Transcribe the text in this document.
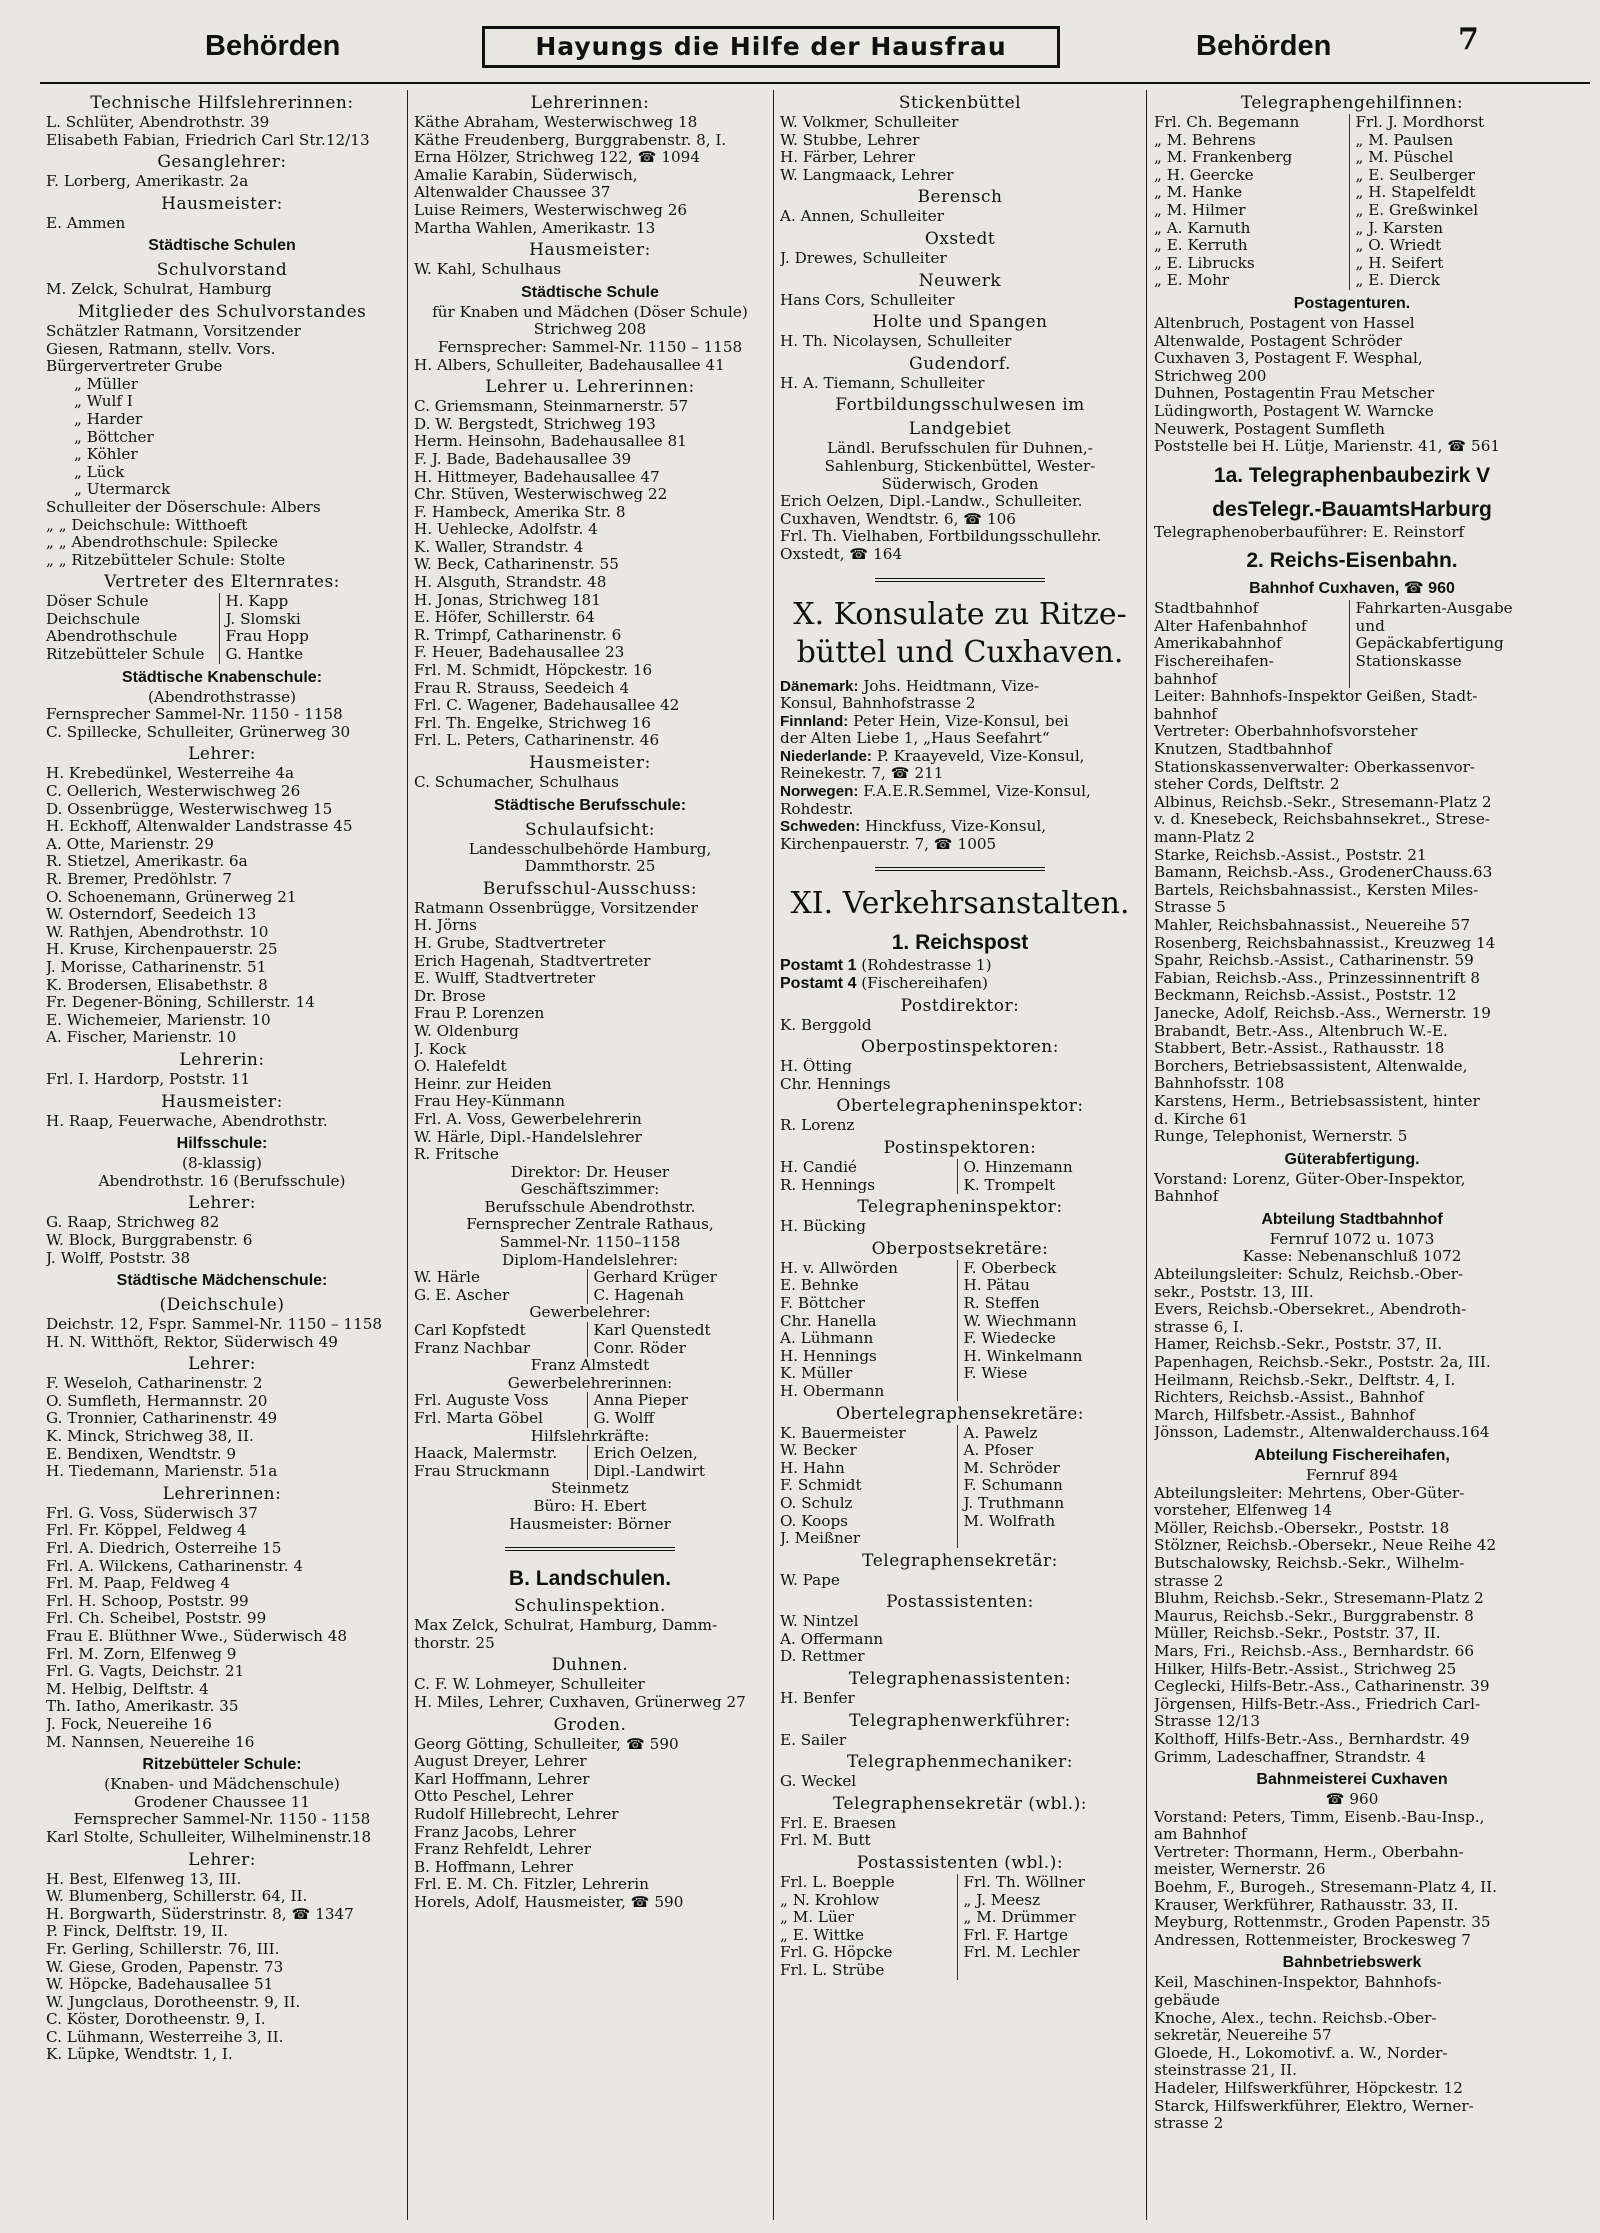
Behörden	Hayungs die Hilfe der Hausfrau	Behörden	7
Technische Hilfslehrerinnen:
L. Schlüter, Abendrothstr. 39
Elisabeth Fabian, Friedrich Carl Str.12/13
Gesanglehrer:
F. Lorberg, Amerikastr. 2a
Hausmeister:
E. Ammen
Städtische Schulen
Schulvorstand
M. Zelck, Schulrat, Hamburg
Mitglieder des Schulvorstandes
Schätzler Ratmann, Vorsitzender
Giesen, Ratmann, stellv. Vors.
Bürgervertreter Grube
„ Müller
„ Wulf I
„ Harder
„ Böttcher
„ Köhler
„ Lück
„ Utermarck
Schulleiter der Döserschule: Albers
„ „ Deichschule: Witthoeft
„ „ Abendrothschule: Spilecke
„ „ Ritzebütteler Schule: Stolte
Vertreter des Elternrates:
Döser Schule	H. Kapp
Deichschule	J. Slomski
Abendrothschule	Frau Hopp
Ritzebütteler Schule	G. Hantke
Städtische Knabenschule:
(Abendrothstrasse)
Fernsprecher Sammel-Nr. 1150 - 1158
C. Spillecke, Schulleiter, Grünerweg 30
Lehrer:
H. Krebedünkel, Westerreihe 4a
C. Oellerich, Westerwischweg 26
D. Ossenbrügge, Westerwischweg 15
H. Eckhoff, Altenwalder Landstrasse 45
A. Otte, Marienstr. 29
R. Stietzel, Amerikastr. 6a
R. Bremer, Predöhlstr. 7
O. Schoenemann, Grünerweg 21
W. Osterndorf, Seedeich 13
W. Rathjen, Abendrothstr. 10
H. Kruse, Kirchenpauerstr. 25
J. Morisse, Catharinenstr. 51
K. Brodersen, Elisabethstr. 8
Fr. Degener-Böning, Schillerstr. 14
E. Wichemeier, Marienstr. 10
A. Fischer, Marienstr. 10
Lehrerin:
Frl. I. Hardorp, Poststr. 11
Hausmeister:
H. Raap, Feuerwache, Abendrothstr.
Hilfsschule:
(8-klassig)
Abendrothstr. 16 (Berufsschule)
Lehrer:
G. Raap, Strichweg 82
W. Block, Burggrabenstr. 6
J. Wolff, Poststr. 38
Städtische Mädchenschule:
(Deichschule)
Deichstr. 12, Fspr. Sammel-Nr. 1150 – 1158
H. N. Witthöft, Rektor, Süderwisch 49
Lehrer:
F. Weseloh, Catharinenstr. 2
O. Sumfleth, Hermannstr. 20
G. Tronnier, Catharinenstr. 49
K. Minck, Strichweg 38, II.
E. Bendixen, Wendtstr. 9
H. Tiedemann, Marienstr. 51a
Lehrerinnen:
Frl. G. Voss, Süderwisch 37
Frl. Fr. Köppel, Feldweg 4
Frl. A. Diedrich, Osterreihe 15
Frl. A. Wilckens, Catharinenstr. 4
Frl. M. Paap, Feldweg 4
Frl. H. Schoop, Poststr. 99
Frl. Ch. Scheibel, Poststr. 99
Frau E. Blüthner Wwe., Süderwisch 48
Frl. M. Zorn, Elfenweg 9
Frl. G. Vagts, Deichstr. 21
M. Helbig, Delftstr. 4
Th. Iatho, Amerikastr. 35
J. Fock, Neuereihe 16
M. Nannsen, Neuereihe 16
Ritzebütteler Schule:
(Knaben- und Mädchenschule)
Grodener Chaussee 11
Fernsprecher Sammel-Nr. 1150 - 1158
Karl Stolte, Schulleiter, Wilhelminenstr.18
Lehrer:
H. Best, Elfenweg 13, III.
W. Blumenberg, Schillerstr. 64, II.
H. Borgwarth, Süderstrinstr. 8, ☎ 1347
P. Finck, Delftstr. 19, II.
Fr. Gerling, Schillerstr. 76, III.
W. Giese, Groden, Papenstr. 73
W. Höpcke, Badehausallee 51
W. Jungclaus, Dorotheenstr. 9, II.
C. Köster, Dorotheenstr. 9, I.
C. Lühmann, Westerreihe 3, II.
K. Lüpke, Wendtstr. 1, I.
Lehrerinnen:
Käthe Abraham, Westerwischweg 18
Käthe Freudenberg, Burggrabenstr. 8, I.
Erna Hölzer, Strichweg 122, ☎ 1094
Amalie Karabin, Süderwisch,
Altenwalder Chaussee 37
Luise Reimers, Westerwischweg 26
Martha Wahlen, Amerikastr. 13
Hausmeister:
W. Kahl, Schulhaus
Städtische Schule
für Knaben und Mädchen (Döser Schule)
Strichweg 208
Fernsprecher: Sammel-Nr. 1150 – 1158
H. Albers, Schulleiter, Badehausallee 41
Lehrer u. Lehrerinnen:
C. Griemsmann, Steinmarnerstr. 57
D. W. Bergstedt, Strichweg 193
Herm. Heinsohn, Badehausallee 81
F. J. Bade, Badehausallee 39
H. Hittmeyer, Badehausallee 47
Chr. Stüven, Westerwischweg 22
F. Hambeck, Amerika Str. 8
H. Uehlecke, Adolfstr. 4
K. Waller, Strandstr. 4
W. Beck, Catharinenstr. 55
H. Alsguth, Strandstr. 48
H. Jonas, Strichweg 181
E. Höfer, Schillerstr. 64
R. Trimpf, Catharinenstr. 6
F. Heuer, Badehausallee 23
Frl. M. Schmidt, Höpckestr. 16
Frau R. Strauss, Seedeich 4
Frl. C. Wagener, Badehausallee 42
Frl. Th. Engelke, Strichweg 16
Frl. L. Peters, Catharinenstr. 46
Hausmeister:
C. Schumacher, Schulhaus
Städtische Berufsschule:
Schulaufsicht:
Landesschulbehörde Hamburg,
Dammthorstr. 25
Berufsschul-Ausschuss:
Ratmann Ossenbrügge, Vorsitzender
H. Jörns
H. Grube, Stadtvertreter
Erich Hagenah, Stadtvertreter
E. Wulff, Stadtvertreter
Dr. Brose
Frau P. Lorenzen
W. Oldenburg
J. Kock
O. Halefeldt
Heinr. zur Heiden
Frau Hey-Künmann
Frl. A. Voss, Gewerbelehrerin
W. Härle, Dipl.-Handelslehrer
R. Fritsche
Direktor: Dr. Heuser
Geschäftszimmer:
Berufsschule Abendrothstr.
Fernsprecher Zentrale Rathaus,
Sammel-Nr. 1150–1158
Diplom-Handelslehrer:
W. Härle	Gerhard Krüger
G. E. Ascher	C. Hagenah
Gewerbelehrer:
Carl Kopfstedt	Karl Quenstedt
Franz Nachbar	Conr. Röder
Franz Almstedt
Gewerbelehrerinnen:
Frl. Auguste Voss	Anna Pieper
Frl. Marta Göbel	G. Wolff
Hilfslehrkräfte:
Haack, Malermstr.	Erich Oelzen,
Frau Struckmann	Dipl.-Landwirt
Steinmetz
Büro: H. Ebert
Hausmeister: Börner
B. Landschulen.
Schulinspektion.
Max Zelck, Schulrat, Hamburg, Damm-
thorstr. 25
Duhnen.
C. F. W. Lohmeyer, Schulleiter
H. Miles, Lehrer, Cuxhaven, Grünerweg 27
Groden.
Georg Götting, Schulleiter, ☎ 590
August Dreyer, Lehrer
Karl Hoffmann, Lehrer
Otto Peschel, Lehrer
Rudolf Hillebrecht, Lehrer
Franz Jacobs, Lehrer
Franz Rehfeldt, Lehrer
B. Hoffmann, Lehrer
Frl. E. M. Ch. Fitzler, Lehrerin
Horels, Adolf, Hausmeister, ☎ 590
Stickenbüttel
W. Volkmer, Schulleiter
W. Stubbe, Lehrer
H. Färber, Lehrer
W. Langmaack, Lehrer
Berensch
A. Annen, Schulleiter
Oxstedt
J. Drewes, Schulleiter
Neuwerk
Hans Cors, Schulleiter
Holte und Spangen
H. Th. Nicolaysen, Schulleiter
Gudendorf.
H. A. Tiemann, Schulleiter
Fortbildungsschulwesen im
Landgebiet
Ländl. Berufsschulen für Duhnen,-
Sahlenburg, Stickenbüttel, Wester-
Süderwisch, Groden
Erich Oelzen, Dipl.-Landw., Schulleiter.
Cuxhaven, Wendtstr. 6, ☎ 106
Frl. Th. Vielhaben, Fortbildungsschullehr.
Oxstedt, ☎ 164
X. Konsulate zu Ritze-büttel und Cuxhaven.
Dänemark: Johs. Heidtmann, Vize-
Konsul, Bahnhofstrasse 2
Finnland: Peter Hein, Vize-Konsul, bei
der Alten Liebe 1, „Haus Seefahrt“
Niederlande: P. Kraayeveld, Vize-Konsul,
Reinekestr. 7, ☎ 211
Norwegen: F.A.E.R.Semmel, Vize-Konsul,
Rohdestr.
Schweden: Hinckfuss, Vize-Konsul,
Kirchenpauerstr. 7, ☎ 1005
XI. Verkehrsanstalten.
1. Reichspost
Postamt 1 (Rohdestrasse 1)
Postamt 4 (Fischereihafen)
Postdirektor:
K. Berggold
Oberpostinspektoren:
H. Ötting
Chr. Hennings
Obertelegrapheninspektor:
R. Lorenz
Postinspektoren:
H. Candié	O. Hinzemann
R. Hennings	K. Trompelt
Telegrapheninspektor:
H. Bücking
Oberpostsekretäre:
H. v. Allwörden	F. Oberbeck
E. Behnke	H. Pätau
F. Böttcher	R. Steffen
Chr. Hanella	W. Wiechmann
A. Lühmann	F. Wiedecke
H. Hennings	H. Winkelmann
K. Müller	F. Wiese
H. Obermann
Obertelegraphensekretäre:
K. Bauermeister	A. Pawelz
W. Becker	A. Pfoser
H. Hahn	M. Schröder
F. Schmidt	F. Schumann
O. Schulz	J. Truthmann
O. Koops	M. Wolfrath
J. Meißner
Telegraphensekretär:
W. Pape
Postassistenten:
W. Nintzel
A. Offermann
D. Rettmer
Telegraphenassistenten:
H. Benfer
Telegraphenwerkführer:
E. Sailer
Telegraphenmechaniker:
G. Weckel
Telegraphensekretär (wbl.):
Frl. E. Braesen
Frl. M. Butt
Postassistenten (wbl.):
Frl. L. Boepple	Frl. Th. Wöllner
„ N. Krohlow	„ J. Meesz
„ M. Lüer	„ M. Drümmer
„ E. Wittke	Frl. F. Hartge
Frl. G. Höpcke	Frl. M. Lechler
Frl. L. Strübe
Telegraphengehilfinnen:
Frl. Ch. Begemann	Frl. J. Mordhorst
„ M. Behrens	„ M. Paulsen
„ M. Frankenberg	„ M. Püschel
„ H. Geercke	„ E. Seulberger
„ M. Hanke	„ H. Stapelfeldt
„ M. Hilmer	„ E. Greßwinkel
„ A. Karnuth	„ J. Karsten
„ E. Kerruth	„ O. Wriedt
„ E. Librucks	„ H. Seifert
„ E. Mohr	„ E. Dierck
Postagenturen.
Altenbruch, Postagent von Hassel
Altenwalde, Postagent Schröder
Cuxhaven 3, Postagent F. Wesphal,
Strichweg 200
Duhnen, Postagentin Frau Metscher
Lüdingworth, Postagent W. Warncke
Neuwerk, Postagent Sumfleth
Poststelle bei H. Lütje, Marienstr. 41, ☎ 561
1a. Telegraphenbaubezirk V
desTelegr.-BauamtsHarburg
Telegraphenoberbauführer: E. Reinstorf
2. Reichs-Eisenbahn.
Bahnhof Cuxhaven, ☎ 960
Stadtbahnhof	Fahrkarten-Ausgabe
Alter Hafenbahnhof	und
Amerikabahnhof	Gepäckabfertigung
Fischereihafen-	Stationskasse
bahnhof
Leiter: Bahnhofs-Inspektor Geißen, Stadt-
bahnhof
Vertreter: Oberbahnhofsvorsteher
Knutzen, Stadtbahnhof
Stationskassenverwalter: Oberkassenvor-
steher Cords, Delftstr. 2
Albinus, Reichsb.-Sekr., Stresemann-Platz 2
v. d. Knesebeck, Reichsbahnsekret., Strese-
mann-Platz 2
Starke, Reichsb.-Assist., Poststr. 21
Bamann, Reichsb.-Ass., GrodenerChauss.63
Bartels, Reichsbahnassist., Kersten Miles-
Strasse 5
Mahler, Reichsbahnassist., Neuereihe 57
Rosenberg, Reichsbahnassist., Kreuzweg 14
Spahr, Reichsb.-Assist., Catharinenstr. 59
Fabian, Reichsb.-Ass., Prinzessinnentrift 8
Beckmann, Reichsb.-Assist., Poststr. 12
Janecke, Adolf, Reichsb.-Ass., Wernerstr. 19
Brabandt, Betr.-Ass., Altenbruch W.-E.
Stabbert, Betr.-Assist., Rathausstr. 18
Borchers, Betriebsassistent, Altenwalde,
Bahnhofsstr. 108
Karstens, Herm., Betriebsassistent, hinter
d. Kirche 61
Runge, Telephonist, Wernerstr. 5
Güterabfertigung.
Vorstand: Lorenz, Güter-Ober-Inspektor,
Bahnhof
Abteilung Stadtbahnhof
Fernruf 1072 u. 1073
Kasse: Nebenanschluß 1072
Abteilungsleiter: Schulz, Reichsb.-Ober-
sekr., Poststr. 13, III.
Evers, Reichsb.-Obersekret., Abendroth-
strasse 6, I.
Hamer, Reichsb.-Sekr., Poststr. 37, II.
Papenhagen, Reichsb.-Sekr., Poststr. 2a, III.
Heilmann, Reichsb.-Sekr., Delftstr. 4, I.
Richters, Reichsb.-Assist., Bahnhof
March, Hilfsbetr.-Assist., Bahnhof
Jönsson, Lademstr., Altenwalderchauss.164
Abteilung Fischereihafen,
Fernruf 894
Abteilungsleiter: Mehrtens, Ober-Güter-
vorsteher, Elfenweg 14
Möller, Reichsb.-Obersekr., Poststr. 18
Stölzner, Reichsb.-Obersekr., Neue Reihe 42
Butschalowsky, Reichsb.-Sekr., Wilhelm-
strasse 2
Bluhm, Reichsb.-Sekr., Stresemann-Platz 2
Maurus, Reichsb.-Sekr., Burggrabenstr. 8
Müller, Reichsb.-Sekr., Poststr. 37, II.
Mars, Fri., Reichsb.-Ass., Bernhardstr. 66
Hilker, Hilfs-Betr.-Assist., Strichweg 25
Ceglecki, Hilfs-Betr.-Ass., Catharinenstr. 39
Jörgensen, Hilfs-Betr.-Ass., Friedrich Carl-
Strasse 12/13
Kolthoff, Hilfs-Betr.-Ass., Bernhardstr. 49
Grimm, Ladeschaffner, Strandstr. 4
Bahnmeisterei Cuxhaven
☎ 960
Vorstand: Peters, Timm, Eisenb.-Bau-Insp.,
am Bahnhof
Vertreter: Thormann, Herm., Oberbahn-
meister, Wernerstr. 26
Boehm, F., Burogeh., Stresemann-Platz 4, II.
Krauser, Werkführer, Rathausstr. 33, II.
Meyburg, Rottenmstr., Groden Papenstr. 35
Andressen, Rottenmeister, Brockesweg 7
Bahnbetriebswerk
Keil, Maschinen-Inspektor, Bahnhofs-
gebäude
Knoche, Alex., techn. Reichsb.-Ober-
sekretär, Neuereihe 57
Gloede, H., Lokomotivf. a. W., Norder-
steinstrasse 21, II.
Hadeler, Hilfswerkführer, Höpckestr. 12
Starck, Hilfswerkführer, Elektro, Werner-
strasse 2
